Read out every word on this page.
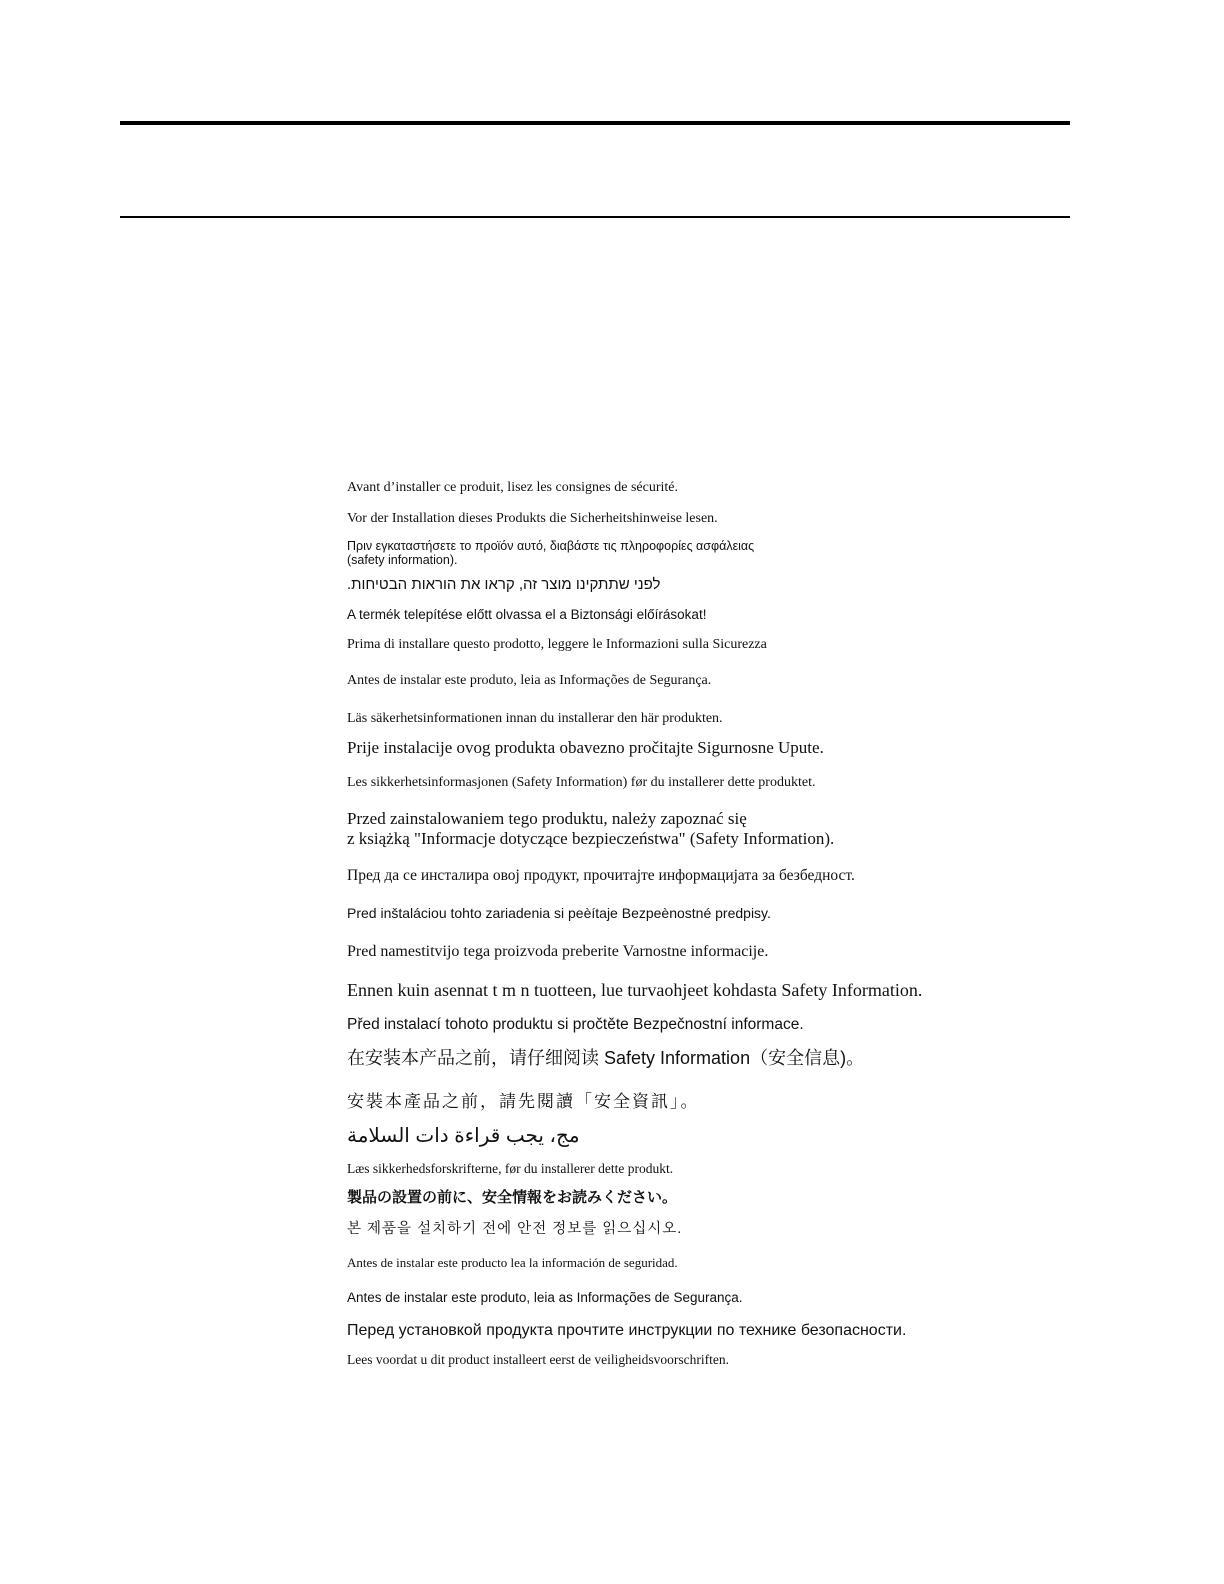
Avant d’installer ce produit, lisez les consignes de sécurité.
Vor der Installation dieses Produkts die Sicherheitshinweise lesen.
Πριν εγκαταστήσετε το προϊόν αυτό, διαβάστε τις πληροφορίες ασφάλειας
(safety information).
לפני שתתקינו מוצר זה, קראו את הוראות הבטיחות.
A termék telepítése előtt olvassa el a Biztonsági előírásokat!
Prima di installare questo prodotto, leggere le Informazioni sulla Sicurezza
Antes de instalar este produto, leia as Informações de Segurança.
Läs säkerhetsinformationen innan du installerar den här produkten.
Prije instalacije ovog produkta obavezno pročitajte Sigurnosne Upute.
Les sikkerhetsinformasjonen (Safety Information) før du installerer dette produktet.
Przed zainstalowaniem tego produktu, należy zapoznać się
z książką "Informacje dotyczące bezpieczeństwa" (Safety Information).
Пред да се инсталира овој продукт, прочитајте информацијата за безбедност.
Pred inštaláciou tohto zariadenia si peèítaje Bezpeènostné predpisy.
Pred namestitvijo tega proizvoda preberite Varnostne informacije.
Ennen kuin asennat t m n tuotteen, lue turvaohjeet kohdasta Safety Information.
Před instalací tohoto produktu si pročtěte Bezpečnostní informace.
在安装本产品之前，请仔细阅读 Safety Information（安全信息)。
安裝本產品之前，請先閱讀「安全資訊」。
مج، يجب قراءة دات السلامة
Læs sikkerhedsforskrifterne, før du installerer dette produkt.
製品の設置の前に、安全情報をお読みください。
본 제품을 설치하기 전에 안전 정보를 읽으십시오.
Antes de instalar este producto lea la información de seguridad.
Antes de instalar este produto, leia as Informações de Segurança.
Перед установкой продукта прочтите инструкции по технике безопасности.
Lees voordat u dit product installeert eerst de veiligheidsvoorschriften.
